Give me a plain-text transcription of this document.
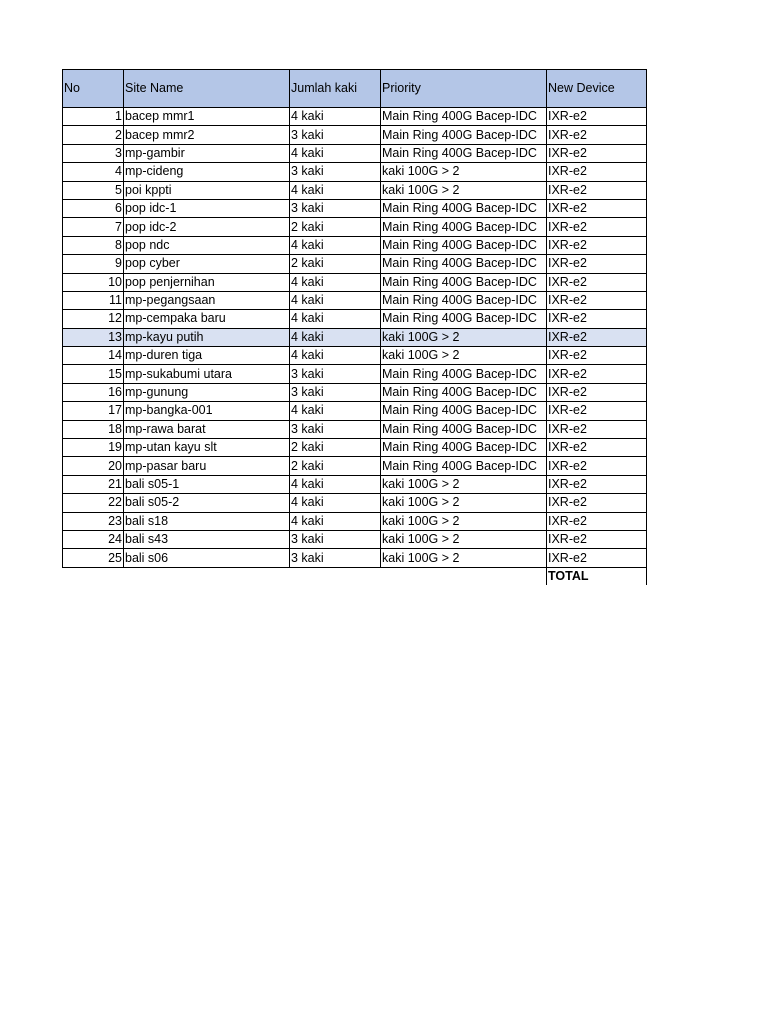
No	Site Name	Jumlah kaki	Priority	New Device
1	bacep mmr1	4 kaki	Main Ring 400G Bacep-IDC	IXR-e2
2	bacep mmr2	3 kaki	Main Ring 400G Bacep-IDC	IXR-e2
3	mp-gambir	4 kaki	Main Ring 400G Bacep-IDC	IXR-e2
4	mp-cideng	3 kaki	kaki 100G > 2	IXR-e2
5	poi kppti	4 kaki	kaki 100G > 2	IXR-e2
6	pop idc-1	3 kaki	Main Ring 400G Bacep-IDC	IXR-e2
7	pop idc-2	2 kaki	Main Ring 400G Bacep-IDC	IXR-e2
8	pop ndc	4 kaki	Main Ring 400G Bacep-IDC	IXR-e2
9	pop cyber	2 kaki	Main Ring 400G Bacep-IDC	IXR-e2
10	pop penjernihan	4 kaki	Main Ring 400G Bacep-IDC	IXR-e2
11	mp-pegangsaan	4 kaki	Main Ring 400G Bacep-IDC	IXR-e2
12	mp-cempaka baru	4 kaki	Main Ring 400G Bacep-IDC	IXR-e2
13	mp-kayu putih	4 kaki	kaki 100G > 2	IXR-e2
14	mp-duren tiga	4 kaki	kaki 100G > 2	IXR-e2
15	mp-sukabumi utara	3 kaki	Main Ring 400G Bacep-IDC	IXR-e2
16	mp-gunung	3 kaki	Main Ring 400G Bacep-IDC	IXR-e2
17	mp-bangka-001	4 kaki	Main Ring 400G Bacep-IDC	IXR-e2
18	mp-rawa barat	3 kaki	Main Ring 400G Bacep-IDC	IXR-e2
19	mp-utan kayu slt	2 kaki	Main Ring 400G Bacep-IDC	IXR-e2
20	mp-pasar baru	2 kaki	Main Ring 400G Bacep-IDC	IXR-e2
21	bali s05-1	4 kaki	kaki 100G > 2	IXR-e2
22	bali s05-2	4 kaki	kaki 100G > 2	IXR-e2
23	bali s18	4 kaki	kaki 100G > 2	IXR-e2
24	bali s43	3 kaki	kaki 100G > 2	IXR-e2
25	bali s06	3 kaki	kaki 100G > 2	IXR-e2
				TOTAL
